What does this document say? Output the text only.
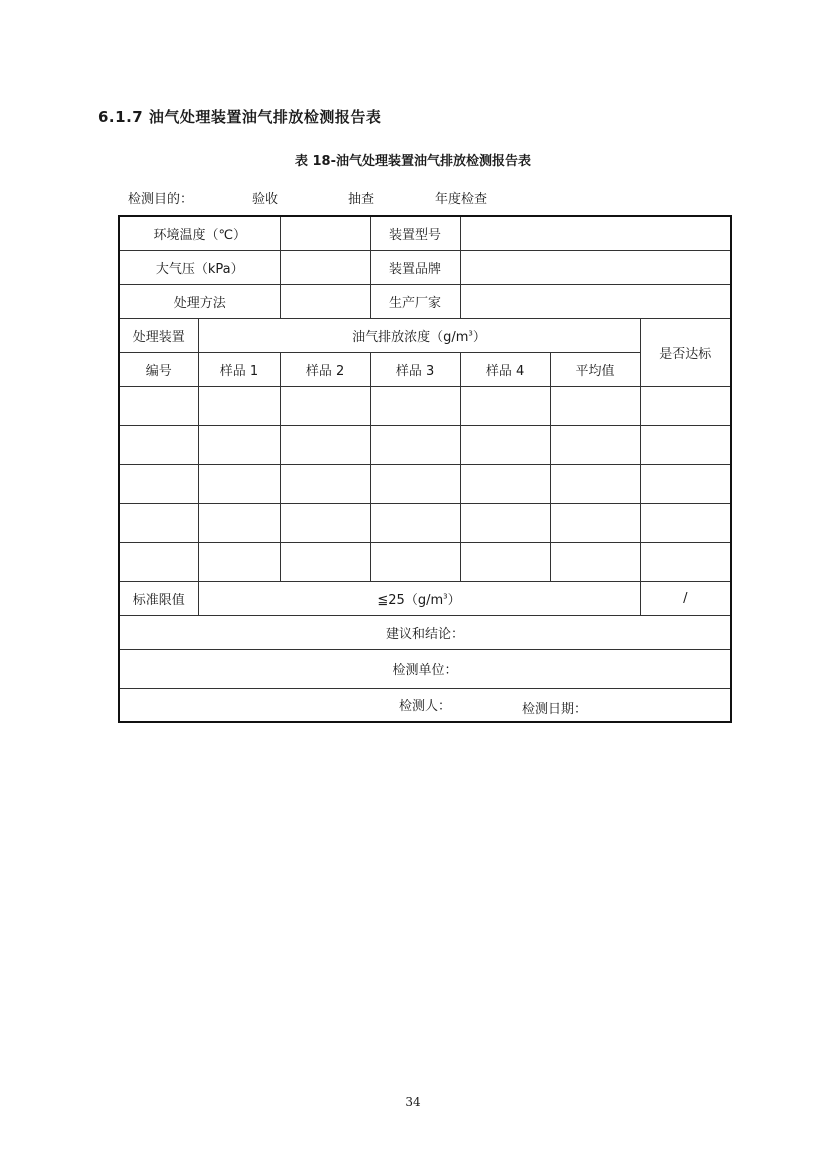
6.1.7 油气处理装置油气排放检测报告表
表 18-油气处理装置油气排放检测报告表
检测目的：	验收	抽查	年度检查
环境温度（℃）			装置型号			
大气压（kPa）			装置品牌			
处理方法			生产厂家			
处理装置	油气排放浓度$(g/m^3)$					是否达标
编号	样品 1	样品 2	样品 3	样品 4	平均值	

标准限值	$≦25(g/m^3)$					/
建议和结论：						
检测单位：						
检测人： 检测日期：						
34
